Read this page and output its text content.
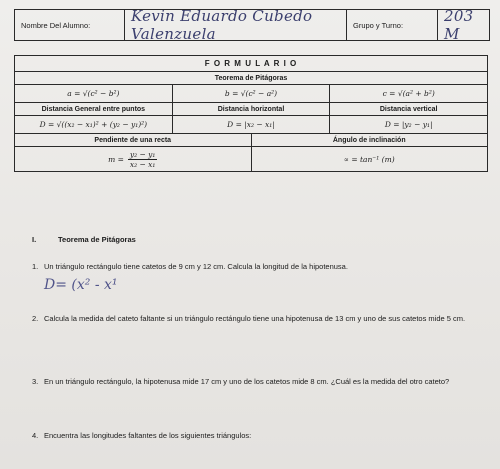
Nombre Del Alumno:	Kevin Eduardo Cubedo Valenzuela	Grupo y Turno:	203 M
F O R M U L A R I O
Teorema de Pitágoras
a = √(c² − b²)	b = √(c² − a²)	c = √(a² + b²)
Distancia General entre puntos	Distancia horizontal	Distancia vertical
D = √((x₂ − x₁)² + (y₂ − y₁)²)	D = |x₂ − x₁|	D = |y₂ − y₁|
Pendiente de una recta	Ángulo de inclinación
$m = \frac{\text{y₂ − y₁}}{\text{x₂ − x₁}}$	∝ = tan⁻¹ (m)
I.	Teorema de Pitágoras
1. Un triángulo rectángulo tiene catetos de 9 cm y 12 cm. Calcula la longitud de la hipotenusa.
D= (x² - x¹
2. Calcula la medida del cateto faltante si un triángulo rectángulo tiene una hipotenusa de 13 cm y uno de sus catetos mide 5 cm.
3. En un triángulo rectángulo, la hipotenusa mide 17 cm y uno de los catetos mide 8 cm. ¿Cuál es la medida del otro cateto?
4. Encuentra las longitudes faltantes de los siguientes triángulos:
